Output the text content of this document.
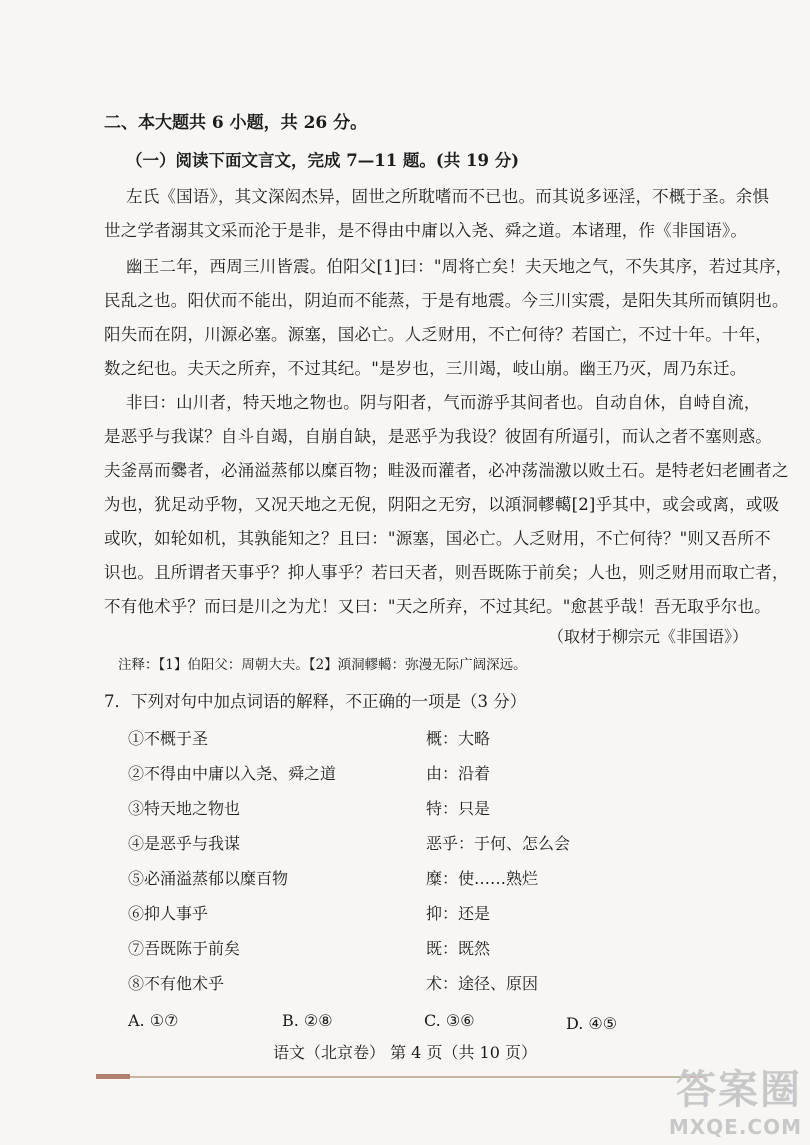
二、本大题共 6 小题，共 26 分。
（一）阅读下面文言文，完成 7—11 题。(共 19 分)
左氏《国语》，其文深闳杰异，固世之所耽嗜而不已也。而其说多诬淫，不概于圣。余惧
世之学者溺其文采而沦于是非，是不得由中庸以入尧、舜之道。本诸理，作《非国语》。
幽王二年，西周三川皆震。伯阳父[1]曰："周将亡矣！夫天地之气，不失其序，若过其序，
民乱之也。阳伏而不能出，阴迫而不能蒸，于是有地震。今三川实震，是阳失其所而镇阴也。
阳失而在阴，川源必塞。源塞，国必亡。人乏财用，不亡何待？若国亡，不过十年。十年，
数之纪也。夫天之所弃，不过其纪。"是岁也，三川竭，岐山崩。幽王乃灭，周乃东迁。
非曰：山川者，特天地之物也。阴与阳者，气而游乎其间者也。自动自休，自峙自流，
是恶乎与我谋？自斗自竭，自崩自缺，是恶乎为我设？彼固有所逼引，而认之者不塞则惑。
夫釜鬲而爨者，必涌溢蒸郁以糜百物；畦汲而灌者，必冲荡湍激以败土石。是特老妇老圃者之
为也，犹足动乎物，又况天地之无倪，阴阳之无穷，以澒洞轇轕[2]乎其中，或会或离，或吸
或吹，如轮如机，其孰能知之？且曰："源塞，国必亡。人乏财用，不亡何待？"则又吾所不
识也。且所谓者天事乎？抑人事乎？若曰天者，则吾既陈于前矣；人也，则乏财用而取亡者，
不有他术乎？而曰是川之为尤！又曰："天之所弃，不过其纪。"愈甚乎哉！吾无取乎尔也。
（取材于柳宗元《非国语》）
注释：【1】伯阳父：周朝大夫。【2】澒洞轇轕：弥漫无际广阔深远。
7．下列对句中加点词语的解释，不正确的一项是（3 分）
①不概于圣	概：大略
②不得由中庸以入尧、舜之道	由：沿着
③特天地之物也	特：只是
④是恶乎与我谋	恶乎：于何、怎么会
⑤必涌溢蒸郁以糜百物	糜：使……熟烂
⑥抑人事乎	抑：还是
⑦吾既陈于前矣	既：既然
⑧不有他术乎	术：途径、原因
A. ①⑦	B. ②⑧	C. ③⑥	D. ④⑤
语文（北京卷） 第 4 页（共 10 页）
答案圈
MXQE.COM
